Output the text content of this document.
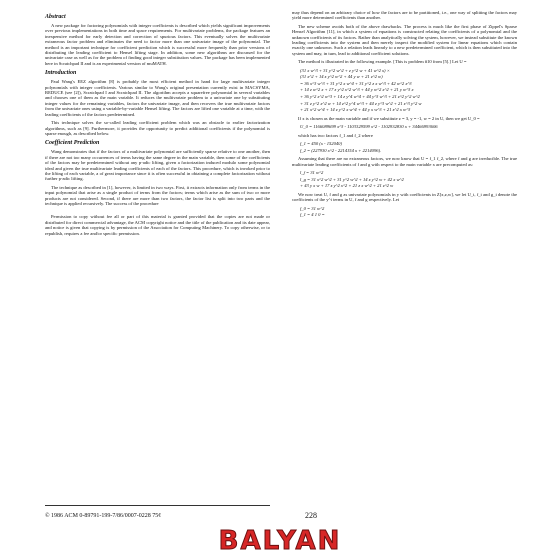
Abstract

A new package for factoring polynomials with integer coefficients is described which yields significant improvements over previous implementations in both time and space requirements. For multivariate problems, the package features an inexpensive method for early detection and correction of spurious factors. This eventually solves the multivariate extraneous factor problem and eliminates the need to factor more than one univariate image of the polynomial. The method is an important technique for coefficient prediction which is successful more frequently than prior versions of distributing the leading coefficient to Hensel lifting stage. In addition, some new algorithms are discussed for the univariate case as well as for the problem of finding good integer substitution values. The package has been implemented here in Scratchpad II and is an experimental version of muMATH.

Introduction

Paul Wang's EEZ algorithm [8] is probably the most efficient method in hand for large multivariate integer polynomials with integer coefficients. Various similar to Wang's original presentation currently exist in MACSYMA, REDUCE (see [2]), Scratchpad I and Scratchpad II. The algorithm accepts a squarefree polynomial in several variables and chooses one of them as the main variable. It reduces the multivariate problem to a univariate one by substituting integer values for the remaining variables, factors the univariate image, and then recovers the true multivariate factors from the univariate ones using a variable-by-variable Hensel lifting. The factors are lifted one variable at a time, with the leading coefficients of the factors predetermined.

This technique solves the so-called leading coefficient problem which was an obstacle to earlier factorization algorithms, such as [9]. Furthermore, it provides the opportunity to predict additional coefficients if the polynomial is sparse enough, as described below.

Coefficient Prediction

Wang demonstrates that if the factors of a multivariate polynomial are sufficiently sparse relative to one another, then if there are not too many occurrences of terms having the same degree in the main variable, then some of the coefficients of the factors may be predetermined without any p-adic lifting, given a factorization induced modulo some polynomial ideal and given the true multivariate leading coefficients of each of the factors. This procedure, which is invoked prior to the lifting of each variable, a of great importance since it is often successful in obtaining a complete factorization without further p-adic lifting.

The technique as described in [1], however, is limited in two ways. First, it extracts information only from terms in the input polynomial that arise as a single product of terms from the factors; terms which arise as the sum of two or more products are not considered. Second, if there are more than two factors, the factor list is split into two parts and the technique is applied recursively. The success of the procedure

Permission to copy without fee all or part of this material is granted provided that the copies are not made or distributed for direct commercial advantage, the ACM copyright notice and the title of the publication and its date appear, and notice is given that copying is by permission of the Association for Computing Machinery. To copy otherwise, or to republish, requires a fee and/or specific permission.

may thus depend on an arbitrary choice of how the factors are to be partitioned, i.e., one way of splitting the factors may yield more determined coefficients than another.

The new scheme avoids both of the above drawbacks. The process is much like the first phase of Zippel's Sparse Hensel Algorithm [11], in which a system of equations is constructed relating the coefficients of a polynomial and the unknown coefficients of its factors. Rather than analytically solving the system, however, we instead substitute the known leading coefficients into the system and then merely inspect the modified system for linear equations which contain exactly one unknown. Such a relation leads linearly to a new predetermined coefficient, which is then substituted into the system and may, in turn, lead to additional coefficient solutions.

The method is illustrated in the following example. [This is problem #10 from [5].] Let U =

(31 x w^3 + 31 y^2 w^2 + z y^2 w + 41 w^2 x) ×
(31 x^2 + 14 z y^2 w^2 + 44 y w + 21 z^2 w)
= 36 x^3 w^3 + 31 y^2 x w^4 + 31 y^2 z x w^3 + 42 w^2 x^3
+ 14 z w^2 x + 17 z y^2 x^2 w^3 + 44 y w^2 x^2 + 21 y w^3 x
+ 36 y^2 x^2 w^3 + 14 z y^4 w^4 + 44 y^3 w^3 + 21 z^2 y^2 w^2
+ 31 z y^2 x^2 w + 14 z^2 y^4 w^3 + 44 z y^3 w^2 + 21 z^3 y^2 w
+ 21 x^2 w^4 + 14 z y^2 x w^4 + 44 y x w^3 + 21 z^2 x w^3

If x is chosen as the main variable and if we substitute z = 3, y = -1, w = 2 in U, then we get U_0 =

U_0 = 1166089699 x^3 - 1103329599 x^2 - 1102932830 x + 34466993606

which has two factors f_1 and f_2 where

f_1 = 450 (x - 152040)
f_2 = (227930 x^2 - 2214154 x + 2214096).

Assuming that there are no extraneous factors, we now know that U = f_1 f_2, where f and g are irreducible. The true multivariate leading coefficients of f and g with respect to the main variable x are precomputed as:

l_f = 31 w^2
l_g = 31 x^2 w^2 + 31 y^2 w^2 + 14 z y^2 w + 42 x w^2
+ 43 y x w + 17 z y^2 x^2 + 21 z x w^2 + 21 z^2 w

We now treat U, f and g as univariate polynomials in y with coefficients in Z[x,z,w], we let U_i, f_i and g_i denote the coefficients of the y^i terms in U, f and g respectively. Let

f_0 = 31 w^2
f_1 = 4 1 0 =
© 1986 ACM 0-89791-199-7/86/0007-0228 75¢	228
BALYAN
